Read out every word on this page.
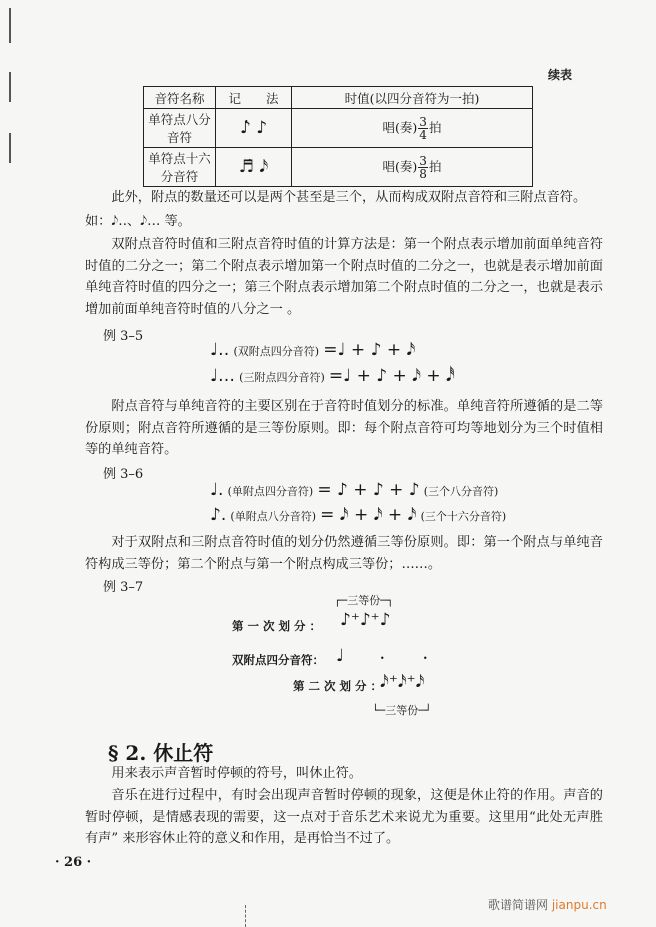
续表
音符名称	记　　法	时值(以四分音符为一拍)
单符点八分音符	♪̇ ♪	唱(奏) $\frac{3}{4}$ 拍
单符点十六分音符	♬̇ 𝅘𝅥𝅯	唱(奏) $\frac{3}{8}$ 拍
此外，附点的数量还可以是两个甚至是三个，从而构成双附点音符和三附点音符。
如：𝅘𝅥𝅮‥、𝅘𝅥𝅮… 等。
双附点音符时值和三附点音符时值的计算方法是：第一个附点表示增加前面单纯音符时值的二分之一；第二个附点表示增加第一个附点时值的二分之一，也就是表示增加前面单纯音符时值的四分之一；第三个附点表示增加第二个附点时值的二分之一，也就是表示增加前面单纯音符时值的八分之一 。
例 3–5
♩‥ (双附点四分音符) =♩ + ♪ + 𝅘𝅥𝅯
♩… (三附点四分音符) =♩ + ♪ + 𝅘𝅥𝅯 + 𝅘𝅥𝅰
附点音符与单纯音符的主要区别在于音符时值划分的标准。单纯音符所遵循的是二等份原则；附点音符所遵循的是三等份原则。即：每个附点音符可均等地划分为三个时值相等的单纯音符。
例 3–6
♩. (单附点四分音符) = ♪ + ♪ + ♪ (三个八分音符)
♪. (单附点八分音符) = 𝅘𝅥𝅯 + 𝅘𝅥𝅯 + 𝅘𝅥𝅯 (三个十六分音符)
对于双附点和三附点音符时值的划分仍然遵循三等份原则。即：第一个附点与单纯音符构成三等份；第二个附点与第一个附点构成三等份；……。
例 3–7
┌─三等份─┐
第一次划分： ♪⁺♪⁺♪
双附点四分音符： ♩	.	.
第二次划分：
𝅘𝅥𝅯⁺𝅘𝅥𝅯⁺𝅘𝅥𝅯
└─三等份─┘
§ 2. 休止符
用来表示声音暂时停顿的符号，叫休止符。
音乐在进行过程中，有时会出现声音暂时停顿的现象，这便是休止符的作用。声音的暂时停顿，是情感表现的需要，这一点对于音乐艺术来说尤为重要。这里用“此处无声胜有声” 来形容休止符的意义和作用，是再恰当不过了。
· 26 ·
歌谱简谱网 jianpu.cn
